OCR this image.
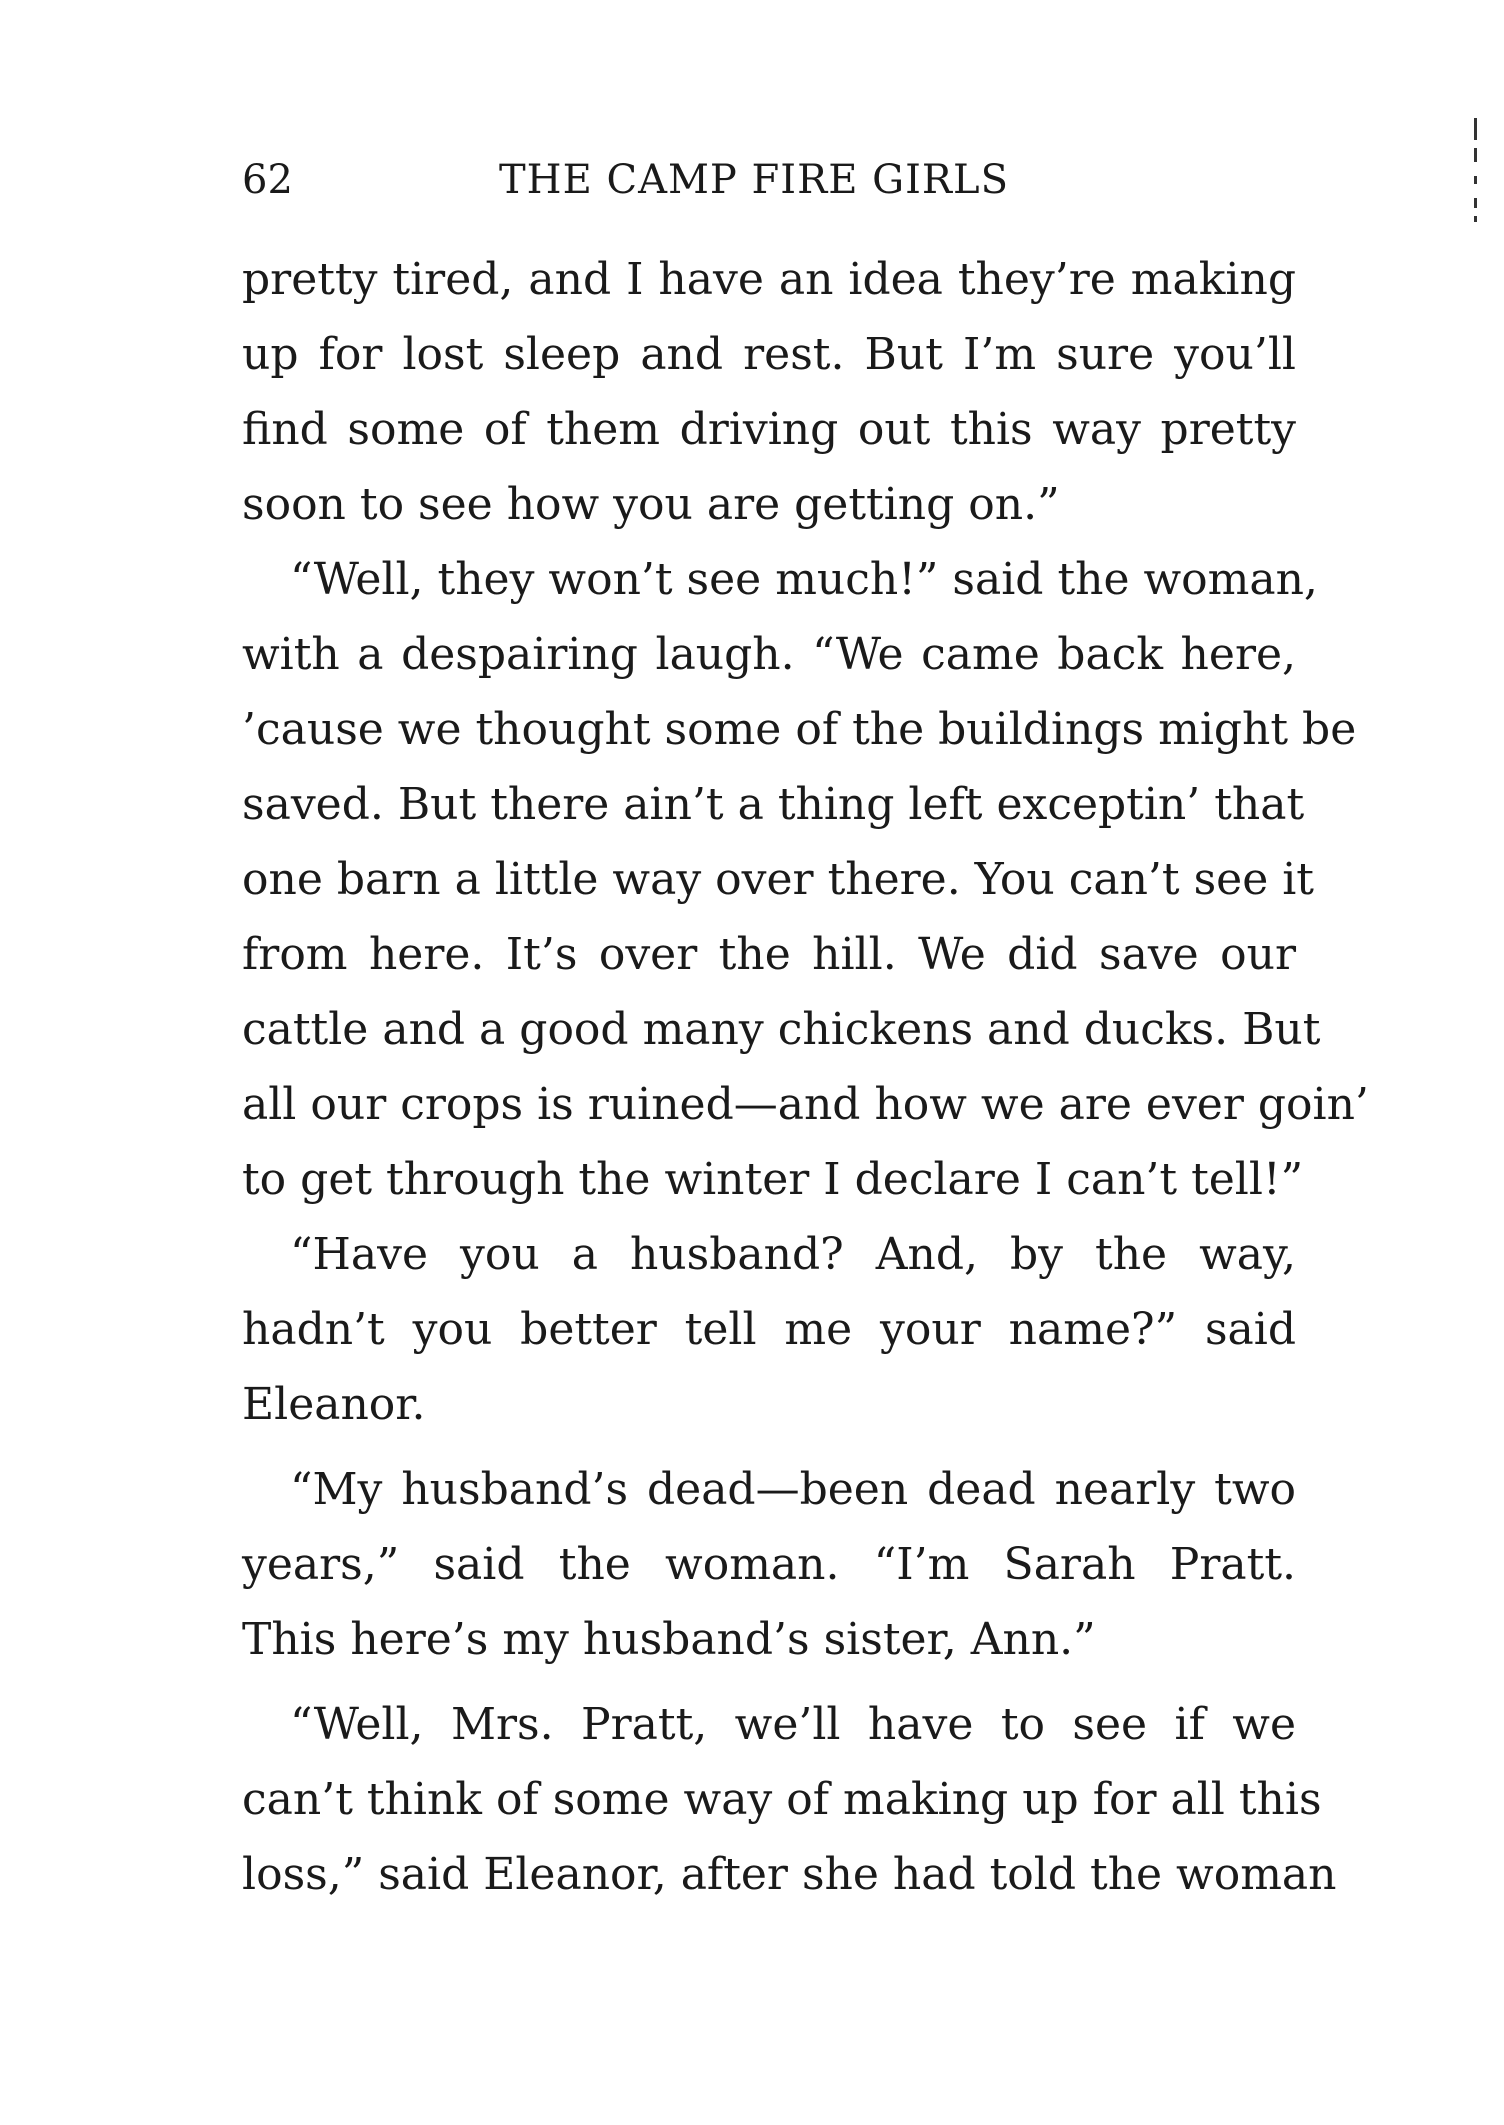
62	THE CAMP FIRE GIRLS
pretty tired, and I have an idea they’re making
up for lost sleep and rest. But I’m sure you’ll
find some of them driving out this way pretty
soon to see how you are getting on.”
“Well, they won’t see much!” said the woman,
with a despairing laugh. “We came back here,
’cause we thought some of the buildings might be
saved. But there ain’t a thing left exceptin’ that
one barn a little way over there. You can’t see it
from here. It’s over the hill. We did save our
cattle and a good many chickens and ducks. But
all our crops is ruined—and how we are ever goin’
to get through the winter I declare I can’t tell!”
“Have you a husband? And, by the way,
hadn’t you better tell me your name?” said
Eleanor.
“My husband’s dead—been dead nearly two
years,” said the woman. “I’m Sarah Pratt.
This here’s my husband’s sister, Ann.”
“Well, Mrs. Pratt, we’ll have to see if we
can’t think of some way of making up for all this
loss,” said Eleanor, after she had told the woman
